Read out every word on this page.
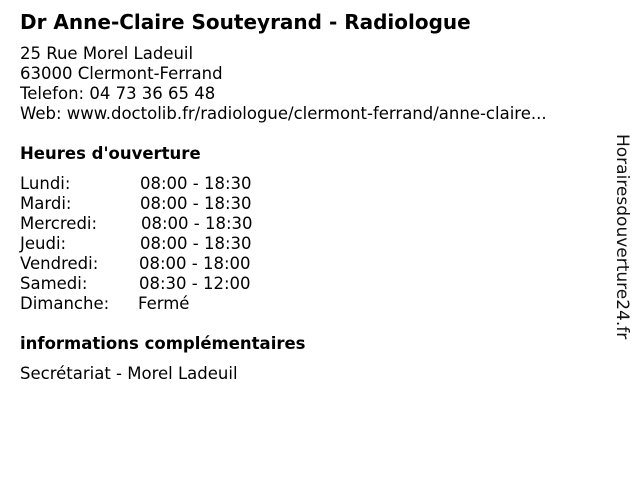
Dr Anne-Claire Souteyrand - Radiologue
25 Rue Morel Ladeuil
63000 Clermont-Ferrand
Telefon: 04 73 36 65 48
Web: www.doctolib.fr/radiologue/clermont-ferrand/anne-claire...
Heures d'ouverture
Lundi:	08:00 - 18:30
Mardi:	08:00 - 18:30
Mercredi:	08:00 - 18:30
Jeudi:	08:00 - 18:30
Vendredi: 08:00 - 18:00
Samedi:	08:30 - 12:00
Dimanche: Fermé
informations complémentaires
Secrétariat - Morel Ladeuil
Horairesdouverture24.fr
